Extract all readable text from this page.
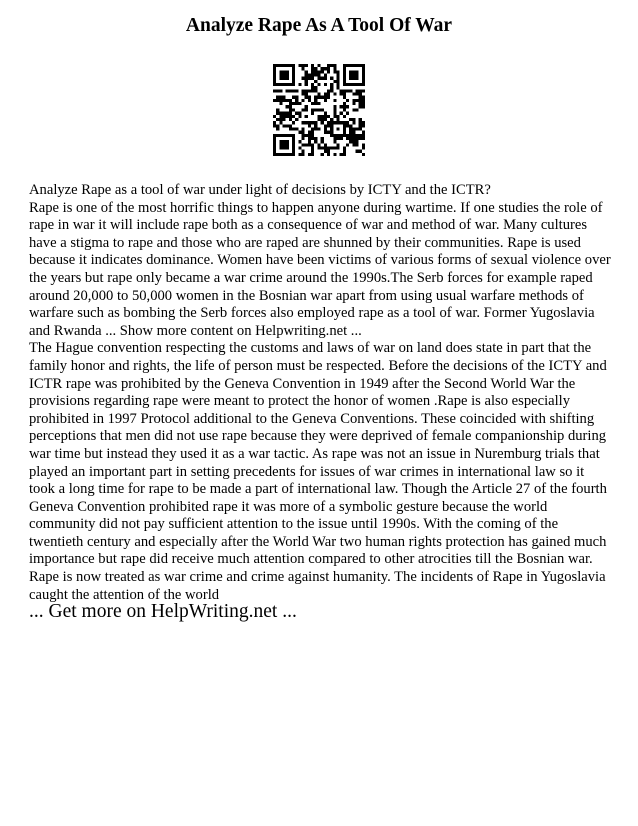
Analyze Rape As A Tool Of War

Analyze Rape as a tool of war under light of decisions by ICTY and the ICTR?

Rape is one of the most horrific things to happen anyone during wartime. If one studies the role of rape in war it will include rape both as a consequence of war and method of war. Many cultures have a stigma to rape and those who are raped are shunned by their communities. Rape is used because it indicates dominance. Women have been victims of various forms of sexual violence over the years but rape only became a war crime around the 1990s.The Serb forces for example raped around 20,000 to 50,000 women in the Bosnian war apart from using usual warfare methods of warfare such as bombing the Serb forces also employed rape as a tool of war. Former Yugoslavia and Rwanda ... Show more content on Helpwriting.net ...

The Hague convention respecting the customs and laws of war on land does state in part that the family honor and rights, the life of person must be respected. Before the decisions of the ICTY and ICTR rape was prohibited by the Geneva Convention in 1949 after the Second World War the provisions regarding rape were meant to protect the honor of women .Rape is also especially prohibited in 1997 Protocol additional to the Geneva Conventions. These coincided with shifting perceptions that men did not use rape because they were deprived of female companionship during war time but instead they used it as a war tactic. As rape was not an issue in Nuremburg trials that played an important part in setting precedents for issues of war crimes in international law so it took a long time for rape to be made a part of international law. Though the Article 27 of the fourth Geneva Convention prohibited rape it was more of a symbolic gesture because the world community did not pay sufficient attention to the issue until 1990s. With the coming of the twentieth century and especially after the World War two human rights protection has gained much importance but rape did receive much attention compared to other atrocities till the Bosnian war. Rape is now treated as war crime and crime against humanity. The incidents of Rape in Yugoslavia caught the attention of the world

... Get more on HelpWriting.net ...
